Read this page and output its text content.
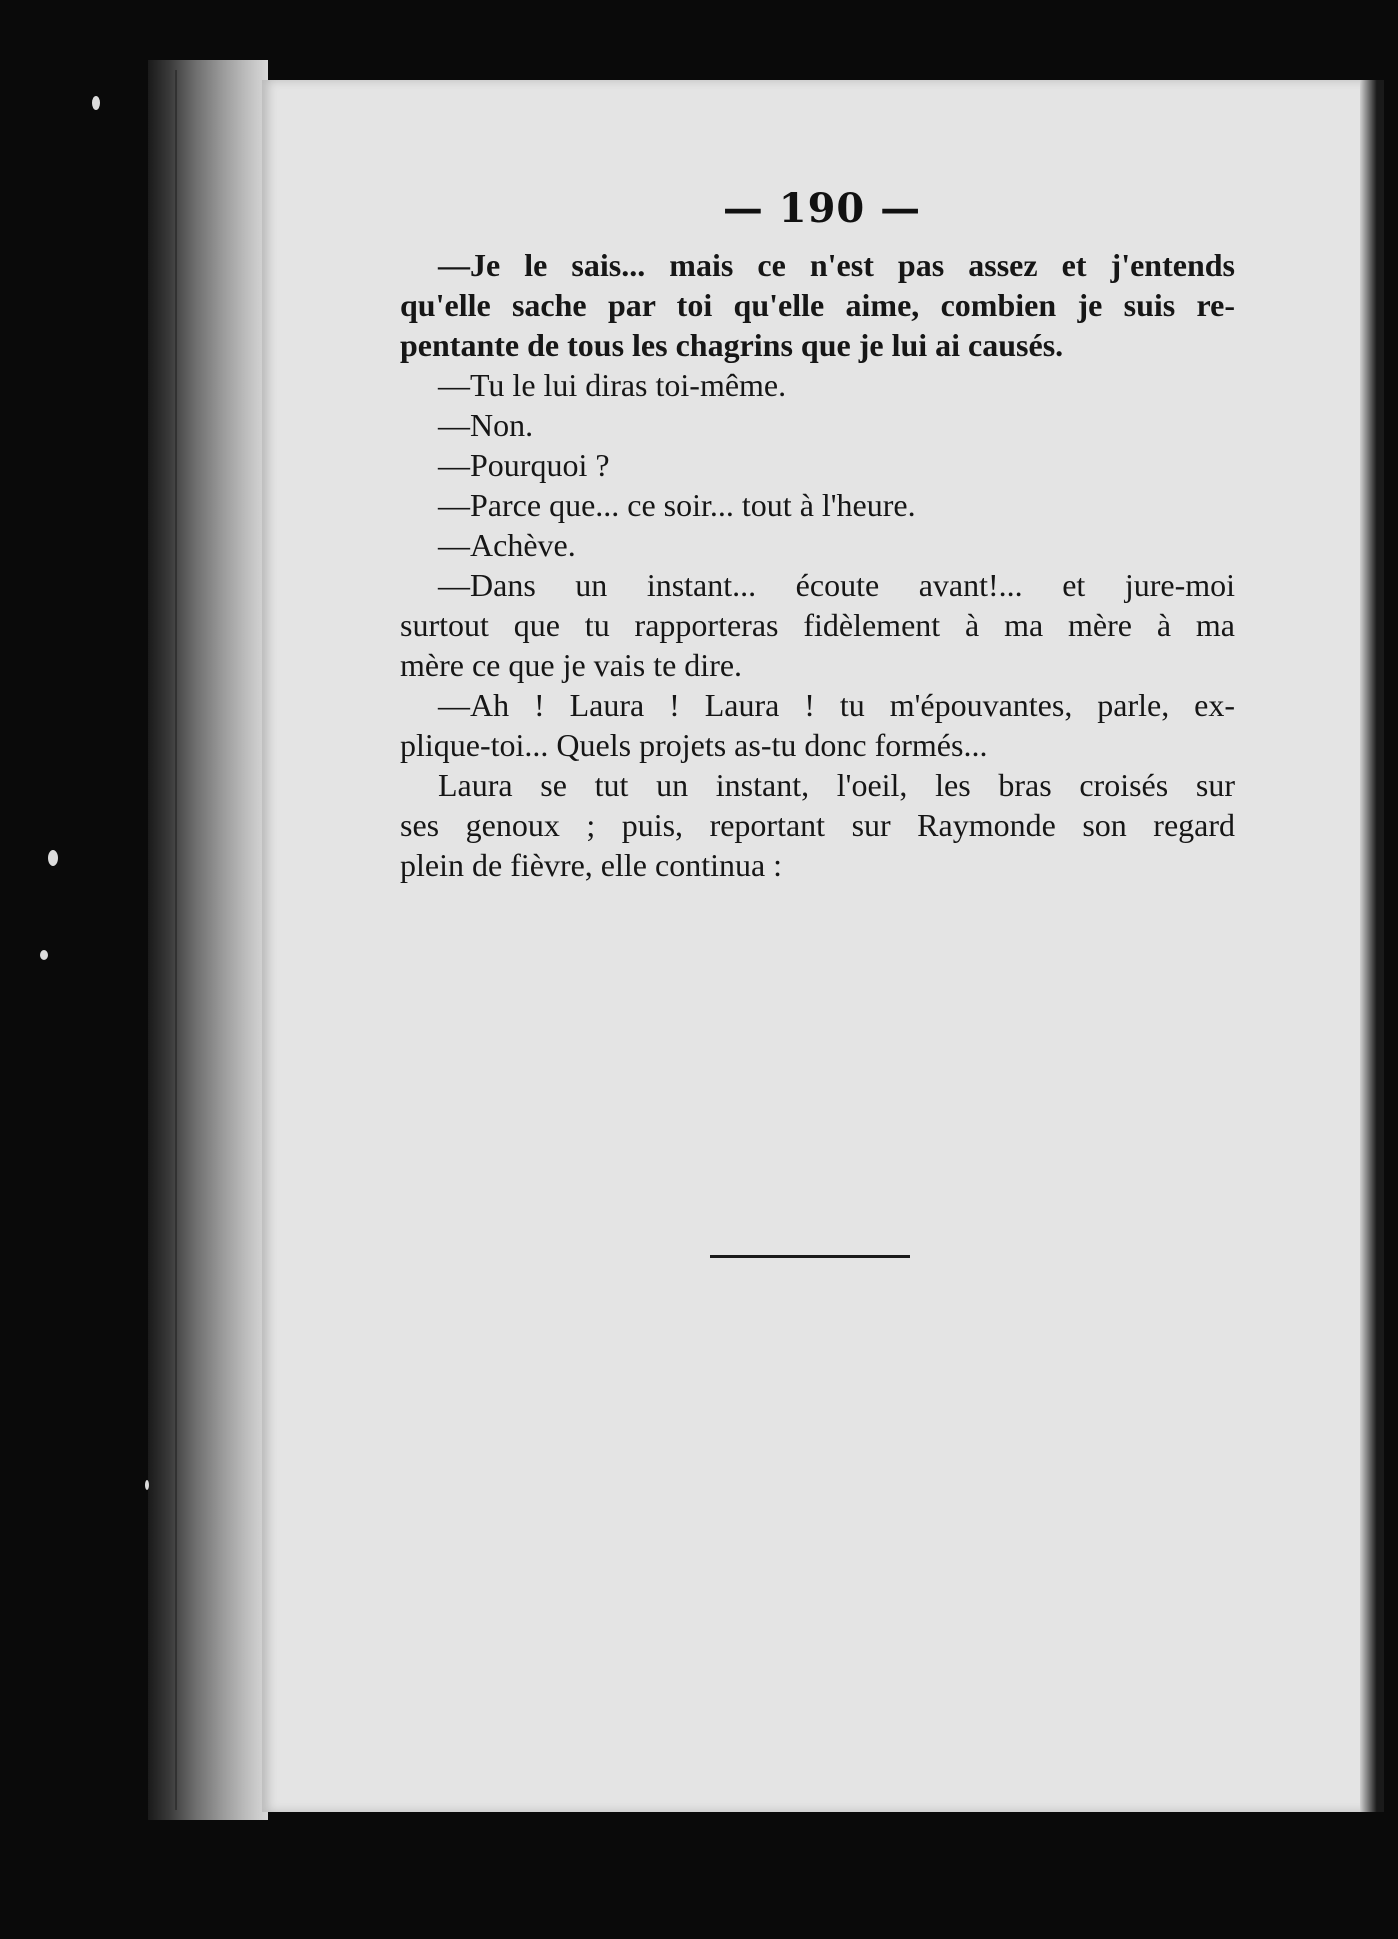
— 190 —
—Je le sais... mais ce n'est pas assez et j'entends
qu'elle sache par toi qu'elle aime, combien je suis re-
pentante de tous les chagrins que je lui ai causés.
—Tu le lui diras toi-même.
—Non.
—Pourquoi ?
—Parce que... ce soir... tout à l'heure.
—Achève.
—Dans un instant... écoute avant!... et jure-moi
surtout que tu rapporteras fidèlement à ma mère à ma
mère ce que je vais te dire.
—Ah ! Laura ! Laura ! tu m'épouvantes, parle, ex-
plique-toi... Quels projets as-tu donc formés...
Laura se tut un instant, l'oeil, les bras croisés sur
ses genoux ; puis, reportant sur Raymonde son regard
plein de fièvre, elle continua :
